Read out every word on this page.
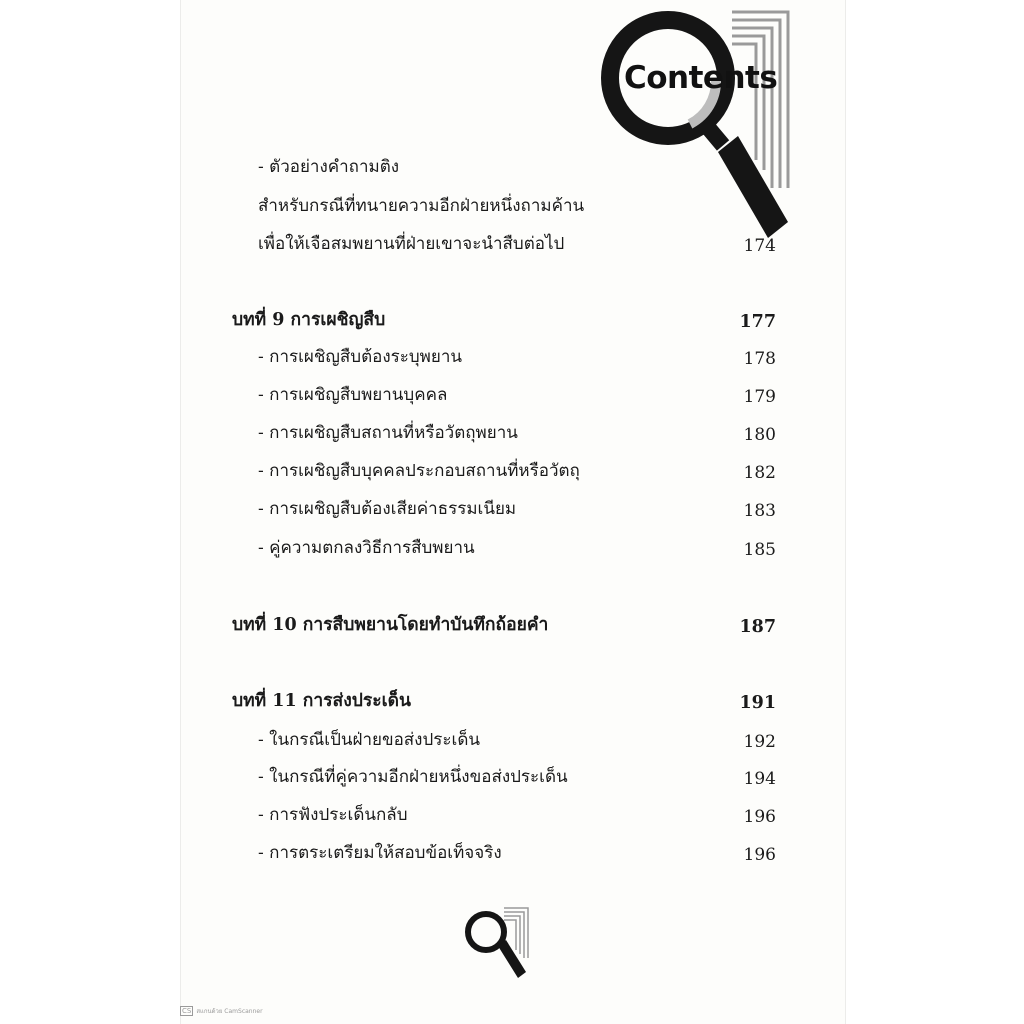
Contents
- ตัวอย่างคำถามติง
สำหรับกรณีที่ทนายความอีกฝ่ายหนึ่งถามค้าน
เพื่อให้เจือสมพยานที่ฝ่ายเขาจะนำสืบต่อไป	174
บทที่ 9 การเผชิญสืบ	177
- การเผชิญสืบต้องระบุพยาน	178
- การเผชิญสืบพยานบุคคล	179
- การเผชิญสืบสถานที่หรือวัตถุพยาน	180
- การเผชิญสืบบุคคลประกอบสถานที่หรือวัตถุ	182
- การเผชิญสืบต้องเสียค่าธรรมเนียม	183
- คู่ความตกลงวิธีการสืบพยาน	185
บทที่ 10 การสืบพยานโดยทำบันทึกถ้อยคำ	187
บทที่ 11 การส่งประเด็น	191
- ในกรณีเป็นฝ่ายขอส่งประเด็น	192
- ในกรณีที่คู่ความอีกฝ่ายหนึ่งขอส่งประเด็น	194
- การฟังประเด็นกลับ	196
- การตระเตรียมให้สอบข้อเท็จจริง	196
CS สแกนด้วย CamScanner
